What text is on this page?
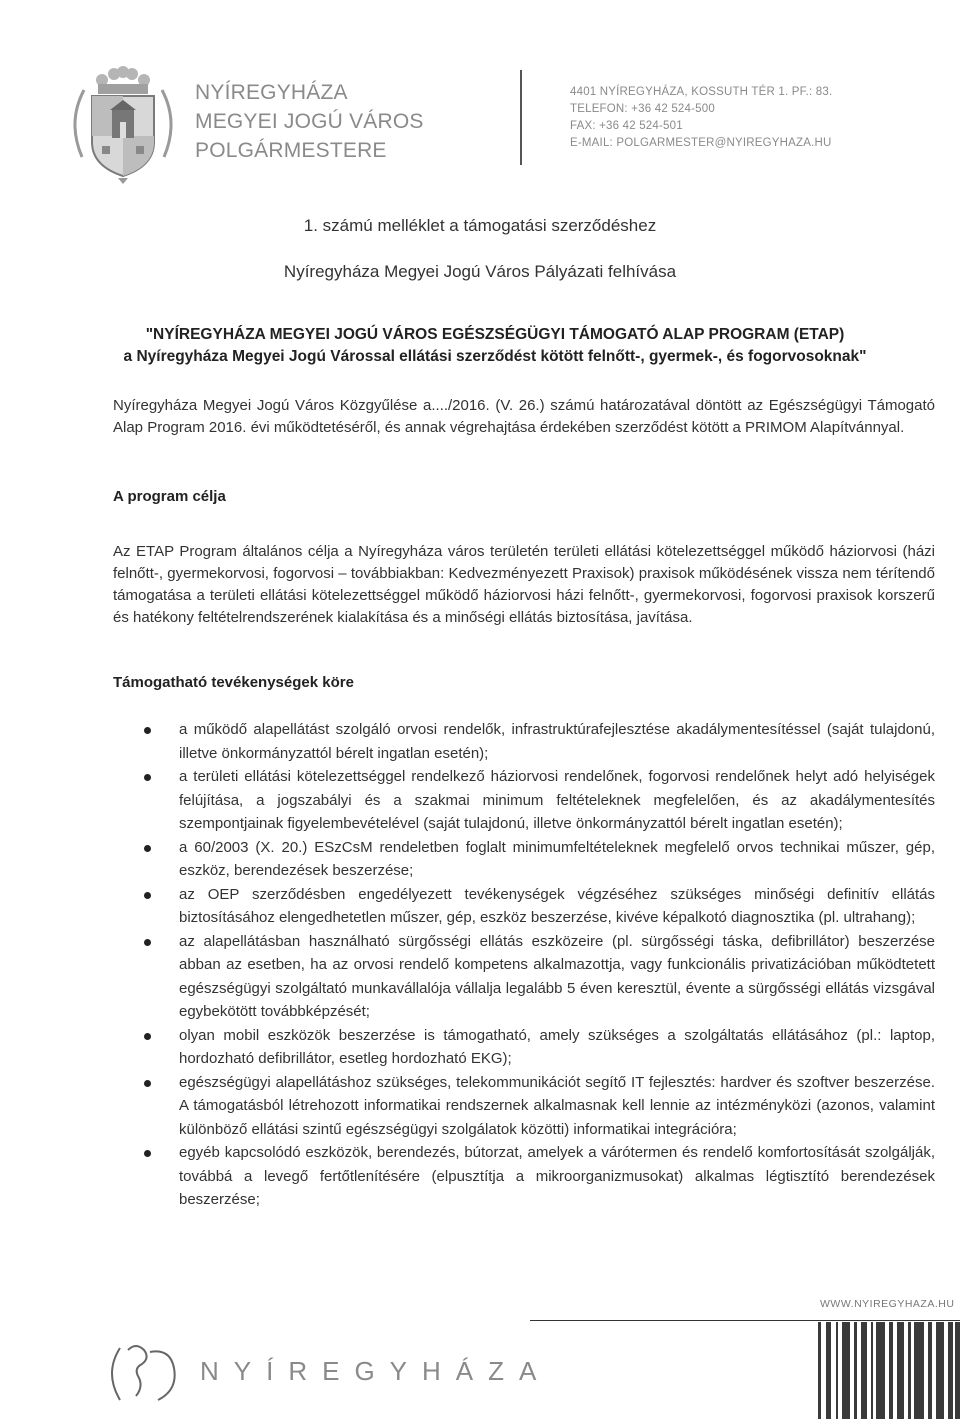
NYÍREGYHÁZA
MEGYEI JOGÚ VÁROS
POLGÁRMESTERE
4401 NYÍREGYHÁZA, KOSSUTH TÉR 1. PF.: 83.
TELEFON: +36 42 524-500
FAX: +36 42 524-501
E-MAIL: POLGARMESTER@NYIREGYHAZA.HU
1. számú melléklet a támogatási szerződéshez
Nyíregyháza Megyei Jogú Város Pályázati felhívása
"NYÍREGYHÁZA MEGYEI JOGÚ VÁROS EGÉSZSÉGÜGYI TÁMOGATÓ ALAP PROGRAM (ETAP)
a Nyíregyháza Megyei Jogú Várossal ellátási szerződést kötött felnőtt-, gyermek-, és fogorvosoknak"
Nyíregyháza Megyei Jogú Város Közgyűlése a..../2016. (V. 26.) számú határozatával döntött az Egészségügyi Támogató Alap Program 2016. évi működtetéséről, és annak végrehajtása érdekében szerződést kötött a PRIMOM Alapítvánnyal.
A program célja
Az ETAP Program általános célja a Nyíregyháza város területén területi ellátási kötelezettséggel működő háziorvosi (házi felnőtt-, gyermekorvosi, fogorvosi – továbbiakban: Kedvezményezett Praxisok) praxisok működésének vissza nem térítendő támogatása a területi ellátási kötelezettséggel működő háziorvosi házi felnőtt-, gyermekorvosi, fogorvosi praxisok korszerű és hatékony feltételrendszerének kialakítása és a minőségi ellátás biztosítása, javítása.
Támogatható tevékenységek köre
a működő alapellátást szolgáló orvosi rendelők, infrastruktúrafejlesztése akadálymentesítéssel (saját tulajdonú, illetve önkormányzattól bérelt ingatlan esetén);
a területi ellátási kötelezettséggel rendelkező háziorvosi rendelőnek, fogorvosi rendelőnek helyt adó helyiségek felújítása, a jogszabályi és a szakmai minimum feltételeknek megfelelően, és az akadálymentesítés szempontjainak figyelembevételével (saját tulajdonú, illetve önkormányzattól bérelt ingatlan esetén);
a 60/2003 (X. 20.) ESzCsM rendeletben foglalt minimumfeltételeknek megfelelő orvos technikai műszer, gép, eszköz, berendezések beszerzése;
az OEP szerződésben engedélyezett tevékenységek végzéséhez szükséges minőségi definitív ellátás biztosításához elengedhetetlen műszer, gép, eszköz beszerzése, kivéve képalkotó diagnosztika (pl. ultrahang);
az alapellátásban használható sürgősségi ellátás eszközeire (pl. sürgősségi táska, defibrillátor) beszerzése abban az esetben, ha az orvosi rendelő kompetens alkalmazottja, vagy funkcionális privatizációban működtetett egészségügyi szolgáltató munkavállalója vállalja legalább 5 éven keresztül, évente a sürgősségi ellátás vizsgával egybekötött továbbképzését;
olyan mobil eszközök beszerzése is támogatható, amely szükséges a szolgáltatás ellátásához (pl.: laptop, hordozható defibrillátor, esetleg hordozható EKG);
egészségügyi alapellátáshoz szükséges, telekommunikációt segítő IT fejlesztés: hardver és szoftver beszerzése. A támogatásból létrehozott informatikai rendszernek alkalmasnak kell lennie az intézményközi (azonos, valamint különböző ellátási szintű egészségügyi szolgálatok közötti) informatikai integrációra;
egyéb kapcsolódó eszközök, berendezés, bútorzat, amelyek a várótermen és rendelő komfortosítását szolgálják, továbbá a levegő fertőtlenítésére (elpusztítja a mikroorganizmusokat) alkalmas légtisztító berendezések beszerzése;
WWW.NYIREGYHAZA.HU
NYÍREGYHÁZA
